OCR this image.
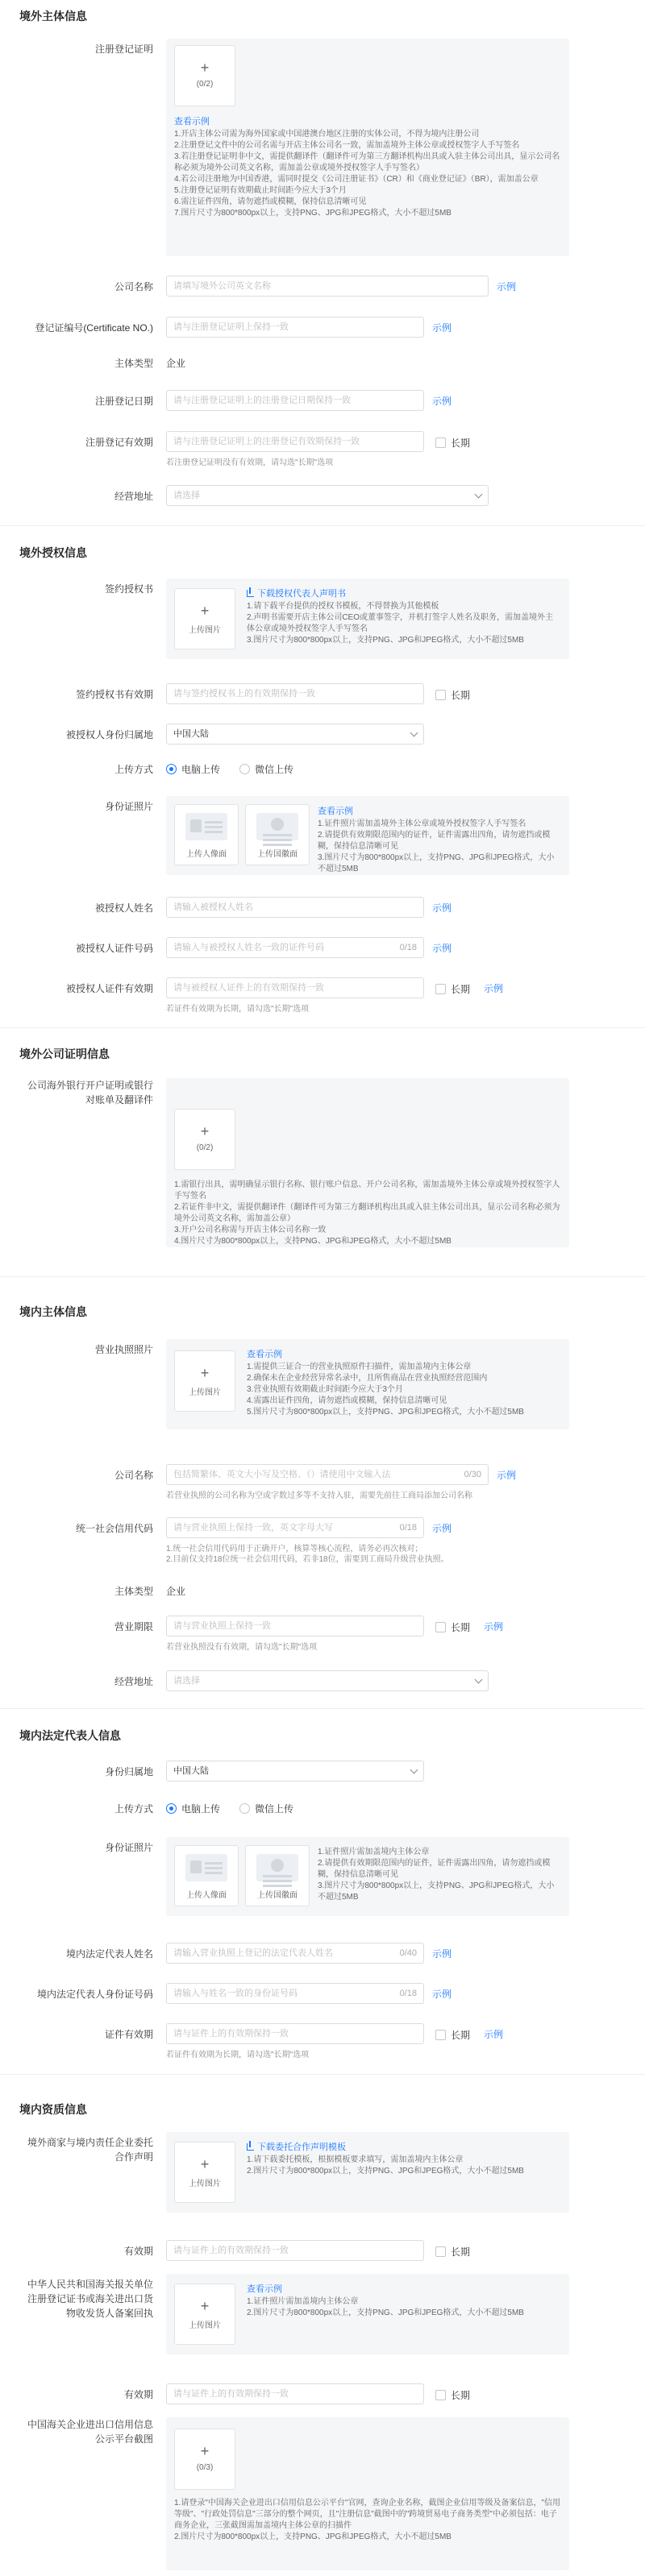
境外主体信息
注册登记证明
+
(0/2)
查看示例
1.开店主体公司需为海外国家或中国港澳台地区注册的实体公司，不得为境内注册公司
2.注册登记文件中的公司名需与开店主体公司名一致，需加盖境外主体公章或授权签字人手写签名
3.若注册登记证明非中文，需提供翻译件（翻译件可为第三方翻译机构出具或入驻主体公司出具，显示公司名称必须为境外公司英文名称，需加盖公章或境外授权签字人手写签名）
4.若公司注册地为中国香港，需同时提交《公司注册证书》（CR）和《商业登记证》（BR），需加盖公章
5.注册登记证明有效期截止时间距今应大于3个月
6.需注证件四角，请勿遮挡或模糊，保持信息清晰可见
7.图片尺寸为800*800px以上，支持PNG、JPG和JPEG格式，大小不超过5MB
公司名称	请填写境外公司英文名称	示例
登记证编号(Certificate NO.)	请与注册登记证明上保持一致	示例
主体类型 企业
注册登记日期	请与注册登记证明上的注册登记日期保持一致	示例
注册登记有效期	请与注册登记证明上的注册登记有效期保持一致	长期
若注册登记证明没有有效期，请勾选"长期"选项
经营地址	请选择
境外授权信息
签约授权书
+
上传图片
下载授权代表人声明书
1.请下载平台提供的授权书模板，不得替换为其他模板
2.声明书需要开店主体公司CEO或董事签字，并机打签字人姓名及职务，需加盖境外主体公章或境外授权签字人手写签名
3.图片尺寸为800*800px以上，支持PNG、JPG和JPEG格式，大小不超过5MB
签约授权书有效期	请与签约授权书上的有效期保持一致	长期
被授权人身份归属地	中国大陆
上传方式	电脑上传	微信上传
身份证照片
上传人像面	上传国徽面
查看示例
1.证件照片需加盖境外主体公章或境外授权签字人手写签名
2.请提供有效期限范围内的证件，证件需露出四角，请勿遮挡或模糊，保持信息清晰可见
3.图片尺寸为800*800px以上，支持PNG、JPG和JPEG格式，大小不超过5MB
被授权人姓名	请输入被授权人姓名	示例
被授权人证件号码	请输入与被授权人姓名一致的证件号码	0/18 示例
被授权人证件有效期	请与被授权人证件上的有效期保持一致	长期 示例
若证件有效期为长期，请勾选"长期"选项
境外公司证明信息
公司海外银行开户证明或银行对账单及翻译件
+
(0/2)
1.需银行出具，需明确显示银行名称、银行账户信息、开户公司名称，需加盖境外主体公章或境外授权签字人手写签名
2.若证件非中文，需提供翻译件（翻译件可为第三方翻译机构出具或入驻主体公司出具，显示公司名称必须为境外公司英文名称，需加盖公章）
3.开户公司名称需与开店主体公司名称一致
4.图片尺寸为800*800px以上，支持PNG、JPG和JPEG格式，大小不超过5MB
境内主体信息
营业执照照片
+
上传图片
查看示例
1.需提供三证合一的营业执照原件扫描件，需加盖境内主体公章
2.确保未在企业经营异常名录中，且所售商品在营业执照经营范围内
3.营业执照有效期截止时间距今应大于3个月
4.需露出证件四角，请勿遮挡或模糊，保持信息清晰可见
5.图片尺寸为800*800px以上，支持PNG、JPG和JPEG格式，大小不超过5MB
公司名称	包括简繁体、英文大小写及空格、（）请使用中文输入法	0/30 示例
若营业执照的公司名称为空或字数过多等不支持入驻，需要先前往工商局添加公司名称
统一社会信用代码	请与营业执照上保持一致，英文字母大写	0/18 示例
1.统一社会信用代码用于正确开户，核算等核心流程，请务必再次核对；
2.目前仅支持18位统一社会信用代码，若非18位，需要到工商局升级营业执照。
主体类型 企业
营业期限	请与营业执照上保持一致	长期 示例
若营业执照没有有效期，请勾选"长期"选项
经营地址	请选择
境内法定代表人信息
身份归属地	中国大陆
上传方式	电脑上传	微信上传
身份证照片
上传人像面	上传国徽面
1.证件照片需加盖境内主体公章
2.请提供有效期限范围内的证件，证件需露出四角，请勿遮挡或模糊，保持信息清晰可见
3.图片尺寸为800*800px以上，支持PNG、JPG和JPEG格式，大小不超过5MB
境内法定代表人姓名	请输入营业执照上登记的法定代表人姓名	0/40 示例
境内法定代表人身份证号码	请输入与姓名一致的身份证号码	0/18 示例
证件有效期	请与证件上的有效期保持一致	长期 示例
若证件有效期为长期，请勾选"长期"选项
境内资质信息
境外商家与境内责任企业委托合作声明	+
上传图片
下载委托合作声明模板
1.请下载委托模板，根据模板要求填写，需加盖境内主体公章
2.图片尺寸为800*800px以上，支持PNG、JPG和JPEG格式，大小不超过5MB
有效期	请与证件上的有效期保持一致	长期
中华人民共和国海关报关单位注册登记证书或海关进出口货物收发货人备案回执	+
上传图片
查看示例
1.证件照片需加盖境内主体公章
2.图片尺寸为800*800px以上，支持PNG、JPG和JPEG格式，大小不超过5MB
有效期	请与证件上的有效期保持一致	长期
中国海关企业进出口信用信息公示平台截图
+
(0/3)
1.请登录"中国海关企业进出口信用信息公示平台"官网，查询企业名称，截图企业信用等级及备案信息，"信用等级"、"行政处罚信息"三部分的整个网页，且"注册信息"截图中的"跨境贸易电子商务类型"中必须包括：电子商务企业，三张截图需加盖境内主体公章的扫描件
2.图片尺寸为800*800px以上，支持PNG、JPG和JPEG格式，大小不超过5MB
